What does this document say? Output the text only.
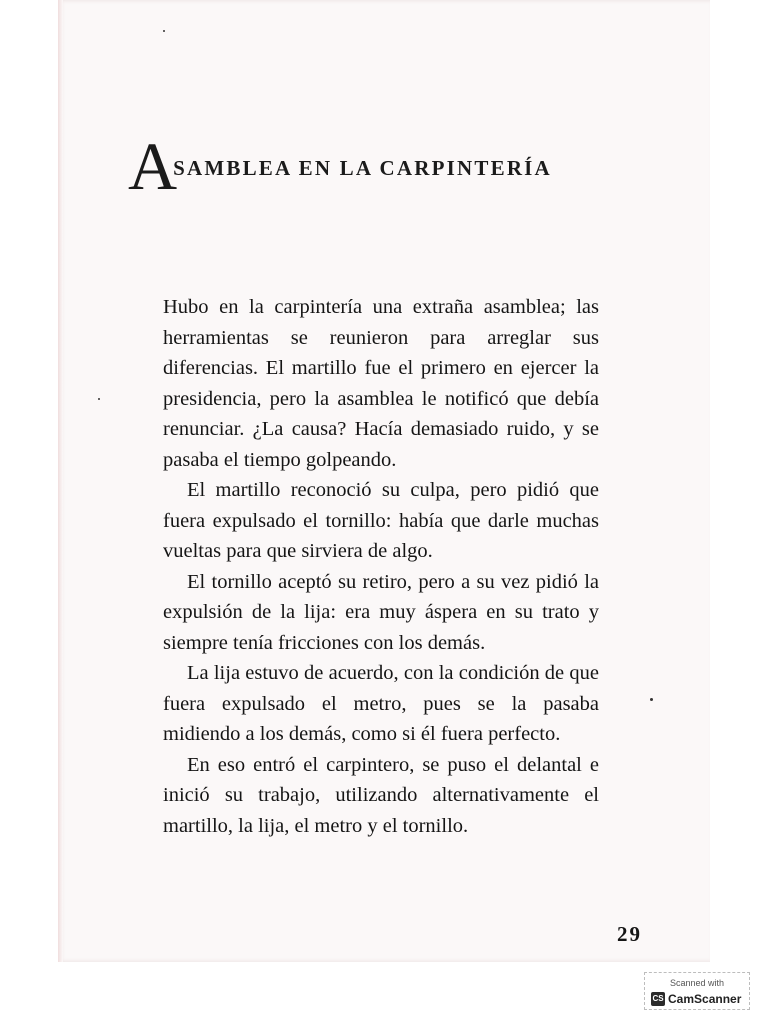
A
SAMBLEA EN LA CARPINTERÍA

Hubo en la carpintería una extraña asamblea; las herramientas se reunieron para arreglar sus diferencias. El martillo fue el primero en ejercer la presidencia, pero la asamblea le notificó que debía renunciar. ¿La causa? Hacía demasiado ruido, y se pasaba el tiempo golpeando.

El martillo reconoció su culpa, pero pidió que fuera expulsado el tornillo: había que darle muchas vueltas para que sirviera de algo.

El tornillo aceptó su retiro, pero a su vez pidió la expulsión de la lija: era muy áspera en su trato y siempre tenía fricciones con los demás.

La lija estuvo de acuerdo, con la condición de que fuera expulsado el metro, pues se la pasaba midiendo a los demás, como si él fuera perfecto.

En eso entró el carpintero, se puso el delantal e inició su trabajo, utilizando alternativamente el martillo, la lija, el metro y el tornillo.

29
Scanned with
CS CamScanner
